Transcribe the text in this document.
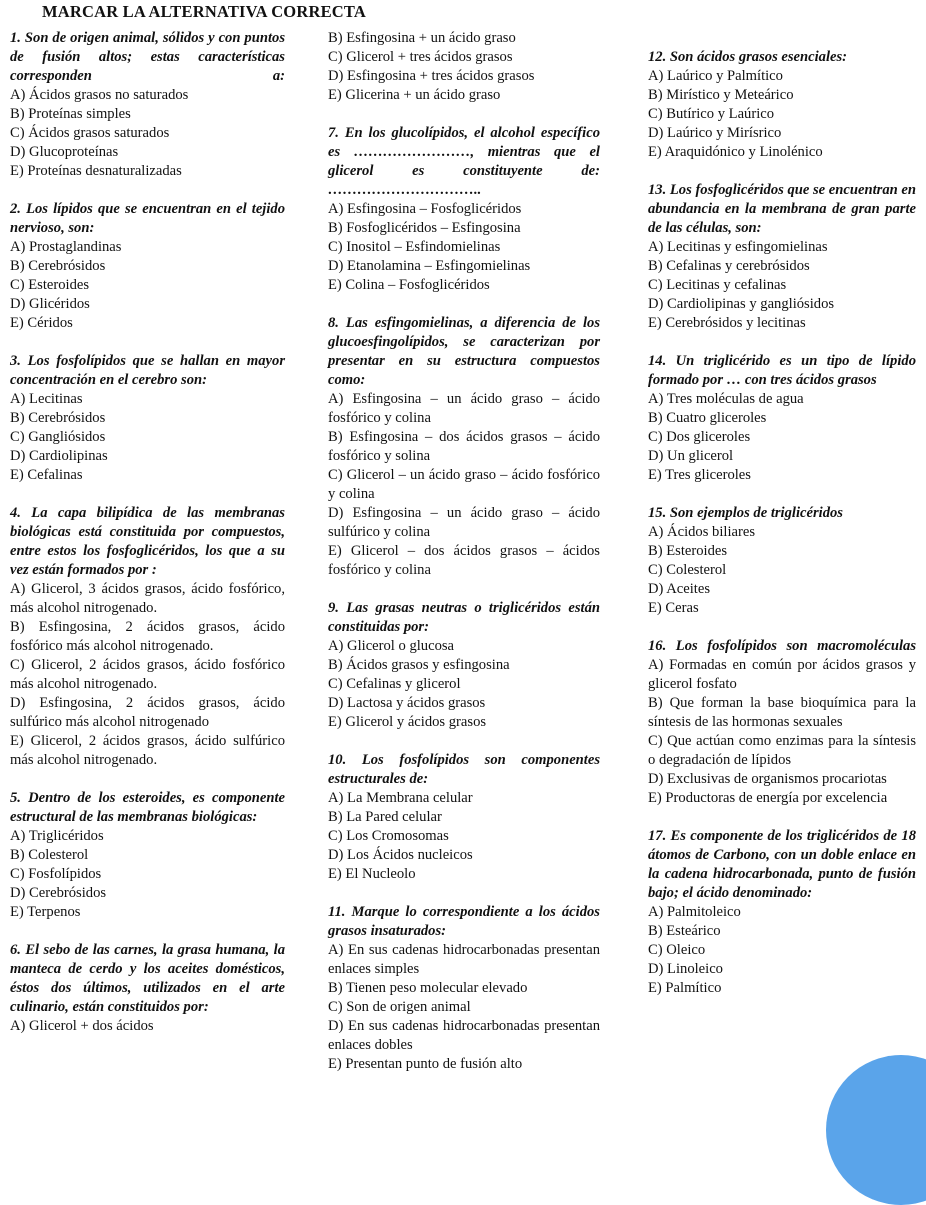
MARCAR LA ALTERNATIVA CORRECTA
1. Son de origen animal, sólidos y con puntos de fusión altos; estas características corresponden a:
A) Ácidos grasos no saturados
B) Proteínas simples
C) Ácidos grasos saturados
D) Glucoproteínas
E) Proteínas desnaturalizadas
2. Los lípidos que se encuentran en el tejido nervioso, son:
A) Prostaglandinas
B) Cerebrósidos
C) Esteroides
D) Glicéridos
E) Céridos
3. Los fosfolípidos que se hallan en mayor concentración en el cerebro son:
A) Lecitinas
B) Cerebrósidos
C) Gangliósidos
D) Cardiolipinas
E) Cefalinas
4. La capa bilipídica de las membranas biológicas está constituida por compuestos, entre estos los fosfoglicéridos, los que a su vez están formados por :
A) Glicerol, 3 ácidos grasos, ácido fosfórico, más alcohol nitrogenado.
B) Esfingosina, 2 ácidos grasos, ácido fosfórico más alcohol nitrogenado.
C) Glicerol, 2 ácidos grasos, ácido fosfórico más alcohol nitrogenado.
D) Esfingosina, 2 ácidos grasos, ácido sulfúrico más alcohol nitrogenado
E) Glicerol, 2 ácidos grasos, ácido sulfúrico más alcohol nitrogenado.
5. Dentro de los esteroides, es componente estructural de las membranas biológicas:
A) Triglicéridos
B) Colesterol
C) Fosfolípidos
D) Cerebrósidos
E) Terpenos
6. El sebo de las carnes, la grasa humana, la manteca de cerdo y los aceites domésticos, éstos dos últimos, utilizados en el arte culinario, están constituidos por:
A) Glicerol + dos ácidos
B) Esfingosina + un ácido graso
C) Glicerol + tres ácidos grasos
D) Esfingosina + tres ácidos grasos
E) Glicerina + un ácido graso
7. En los glucolípidos, el alcohol específico es ……………………, mientras que el glicerol es constituyente de: …………………………..
A) Esfingosina – Fosfoglicéridos
B) Fosfoglicéridos – Esfingosina
C) Inositol – Esfindomielinas
D) Etanolamina – Esfingomielinas
E) Colina – Fosfoglicéridos
8. Las esfingomielinas, a diferencia de los glucoesfingolípidos, se caracterizan por presentar en su estructura compuestos como:
A) Esfingosina – un ácido graso – ácido fosfórico y colina
B) Esfingosina – dos ácidos grasos – ácido fosfórico y solina
C) Glicerol – un ácido graso – ácido fosfórico y colina
D) Esfingosina – un ácido graso – ácido sulfúrico y colina
E) Glicerol – dos ácidos grasos – ácidos fosfórico y colina
9. Las grasas neutras o triglicéridos están constituidas por:
A) Glicerol o glucosa
B) Ácidos grasos y esfingosina
C) Cefalinas y glicerol
D) Lactosa y ácidos grasos
E) Glicerol y ácidos grasos
10. Los fosfolípidos son componentes estructurales de:
A) La Membrana celular
B) La Pared celular
C) Los Cromosomas
D) Los Ácidos nucleicos
E) El Nucleolo
11. Marque lo correspondiente a los ácidos grasos insaturados:
A) En sus cadenas hidrocarbonadas presentan enlaces simples
B) Tienen peso molecular elevado
C) Son de origen animal
D) En sus cadenas hidrocarbonadas presentan enlaces dobles
E) Presentan punto de fusión alto
12. Son ácidos grasos esenciales:
A) Laúrico y Palmítico
B) Mirístico y Meteárico
C) Butírico y Laúrico
D) Laúrico y Mirísrico
E) Araquidónico y Linolénico
13. Los fosfoglicéridos que se encuentran en abundancia en la membrana de gran parte de las células, son:
A) Lecitinas y esfingomielinas
B) Cefalinas y cerebrósidos
C) Lecitinas y cefalinas
D) Cardiolipinas y gangliósidos
E) Cerebrósidos y lecitinas
14. Un triglicérido es un tipo de lípido formado por … con tres ácidos grasos
A) Tres moléculas de agua
B) Cuatro gliceroles
C) Dos gliceroles
D) Un glicerol
E) Tres gliceroles
15. Son ejemplos de triglicéridos
A) Ácidos biliares
B) Esteroides
C) Colesterol
D) Aceites
E) Ceras
16. Los fosfolípidos son macromoléculas
A) Formadas en común por ácidos grasos y glicerol fosfato
B) Que forman la base bioquímica para la síntesis de las hormonas sexuales
C) Que actúan como enzimas para la síntesis o degradación de lípidos
D) Exclusivas de organismos procariotas
E) Productoras de energía por excelencia
17. Es componente de los triglicéridos de 18 átomos de Carbono, con un doble enlace en la cadena hidrocarbonada, punto de fusión bajo; el ácido denominado:
A) Palmitoleico
B) Esteárico
C) Oleico
D) Linoleico
E) Palmítico
